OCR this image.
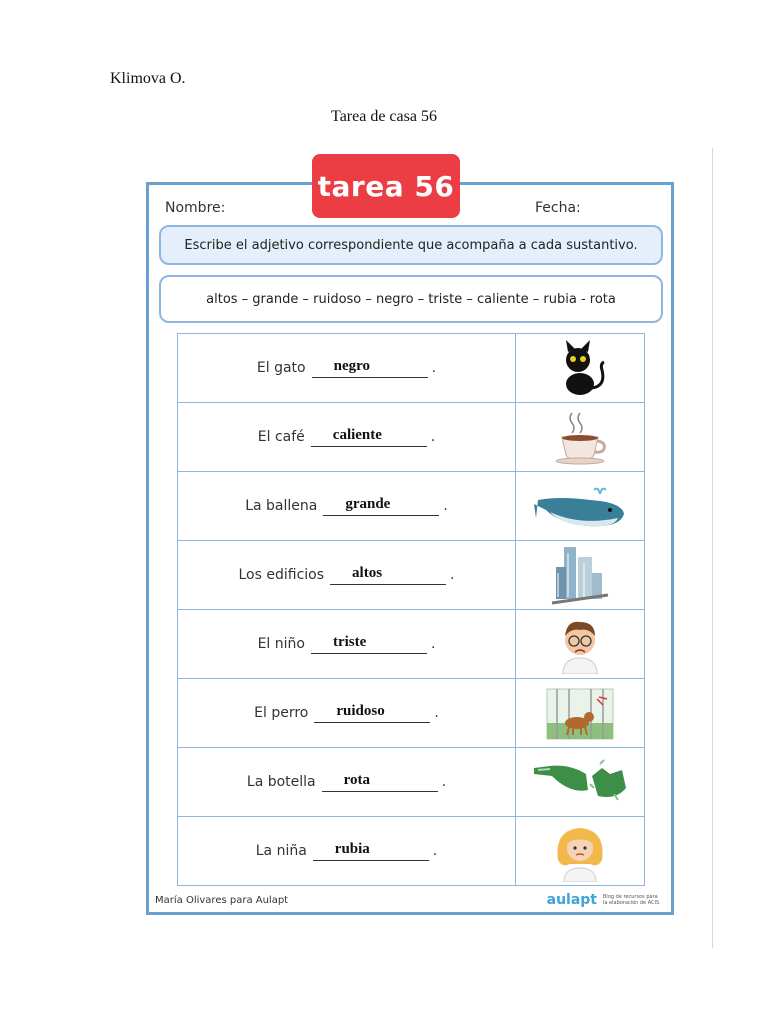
Klimova O.
Tarea de casa 56
Nombre:	Fecha:
Escribe el adjetivo correspondiente que acompaña a cada sustantivo.
altos – grande – ruidoso – negro – triste – caliente – rubia - rota
El gato negro	.
El café caliente	.
La ballena grande	.
Los edificios altos	.
El niño triste	.
El perro ruidoso	.
La botella rota	.
La niña rubia	.
María Olivares para Aulapt	aulapt Blog de recursos para la elaboración de ACIS
tarea 56
